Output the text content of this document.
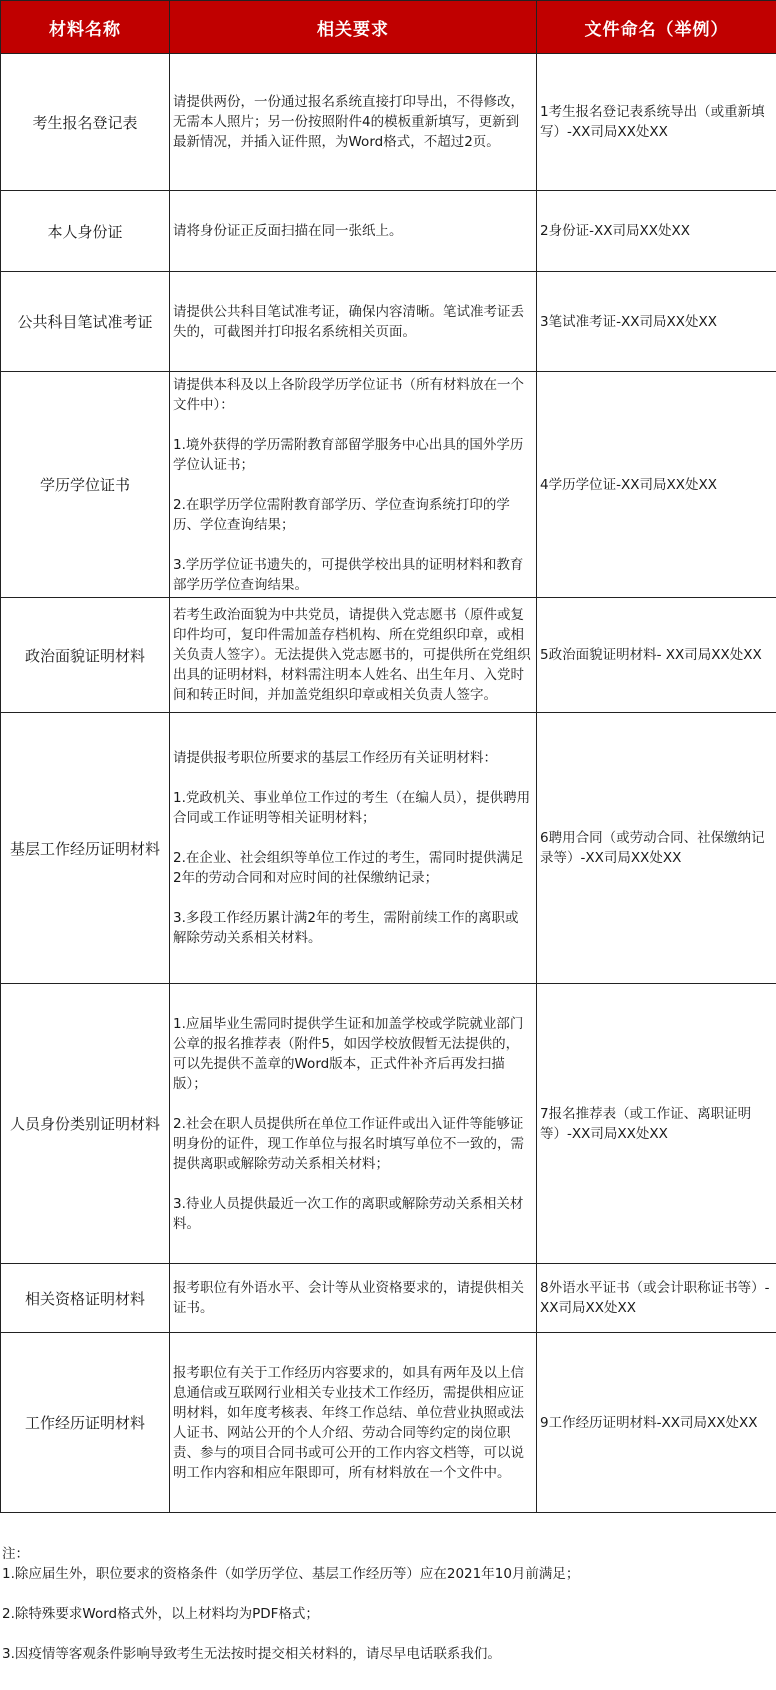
材料名称	相关要求	文件命名（举例）
考生报名登记表	请提供两份，一份通过报名系统直接打印导出，不得修改，无需本人照片；另一份按照附件4的模板重新填写，更新到最新情况，并插入证件照，为Word格式，不超过2页。	1考生报名登记表系统导出（或重新填写）-XX司局XX处XX
本人身份证	请将身份证正反面扫描在同一张纸上。	2身份证-XX司局XX处XX
公共科目笔试准考证	请提供公共科目笔试准考证，确保内容清晰。笔试准考证丢失的，可截图并打印报名系统相关页面。	3笔试准考证-XX司局XX处XX
学历学位证书	请提供本科及以上各阶段学历学位证书（所有材料放在一个文件中）：

1.境外获得的学历需附教育部留学服务中心出具的国外学历学位认证书；

2.在职学历学位需附教育部学历、学位查询系统打印的学历、学位查询结果；

3.学历学位证书遗失的，可提供学校出具的证明材料和教育部学历学位查询结果。	4学历学位证-XX司局XX处XX
政治面貌证明材料	若考生政治面貌为中共党员，请提供入党志愿书（原件或复印件均可，复印件需加盖存档机构、所在党组织印章，或相关负责人签字）。无法提供入党志愿书的，可提供所在党组织出具的证明材料，材料需注明本人姓名、出生年月、入党时间和转正时间，并加盖党组织印章或相关负责人签字。	5政治面貌证明材料- XX司局XX处XX
基层工作经历证明材料	请提供报考职位所要求的基层工作经历有关证明材料：

1.党政机关、事业单位工作过的考生（在编人员），提供聘用合同或工作证明等相关证明材料；

2.在企业、社会组织等单位工作过的考生，需同时提供满足2年的劳动合同和对应时间的社保缴纳记录；

3.多段工作经历累计满2年的考生，需附前续工作的离职或解除劳动关系相关材料。	6聘用合同（或劳动合同、社保缴纳记录等）-XX司局XX处XX
人员身份类别证明材料	1.应届毕业生需同时提供学生证和加盖学校或学院就业部门公章的报名推荐表（附件5，如因学校放假暂无法提供的，可以先提供不盖章的Word版本，正式件补齐后再发扫描版）；

2.社会在职人员提供所在单位工作证件或出入证件等能够证明身份的证件，现工作单位与报名时填写单位不一致的，需提供离职或解除劳动关系相关材料；

3.待业人员提供最近一次工作的离职或解除劳动关系相关材料。	7报名推荐表（或工作证、离职证明等）-XX司局XX处XX
相关资格证明材料	报考职位有外语水平、会计等从业资格要求的，请提供相关证书。	8外语水平证书（或会计职称证书等）-XX司局XX处XX
工作经历证明材料	报考职位有关于工作经历内容要求的，如具有两年及以上信息通信或互联网行业相关专业技术工作经历，需提供相应证明材料，如年度考核表、年终工作总结、单位营业执照或法人证书、网站公开的个人介绍、劳动合同等约定的岗位职责、参与的项目合同书或可公开的工作内容文档等，可以说明工作内容和相应年限即可，所有材料放在一个文件中。	9工作经历证明材料-XX司局XX处XX
注：
1.除应届生外，职位要求的资格条件（如学历学位、基层工作经历等）应在2021年10月前满足；
2.除特殊要求Word格式外，以上材料均为PDF格式；
3.因疫情等客观条件影响导致考生无法按时提交相关材料的，请尽早电话联系我们。
